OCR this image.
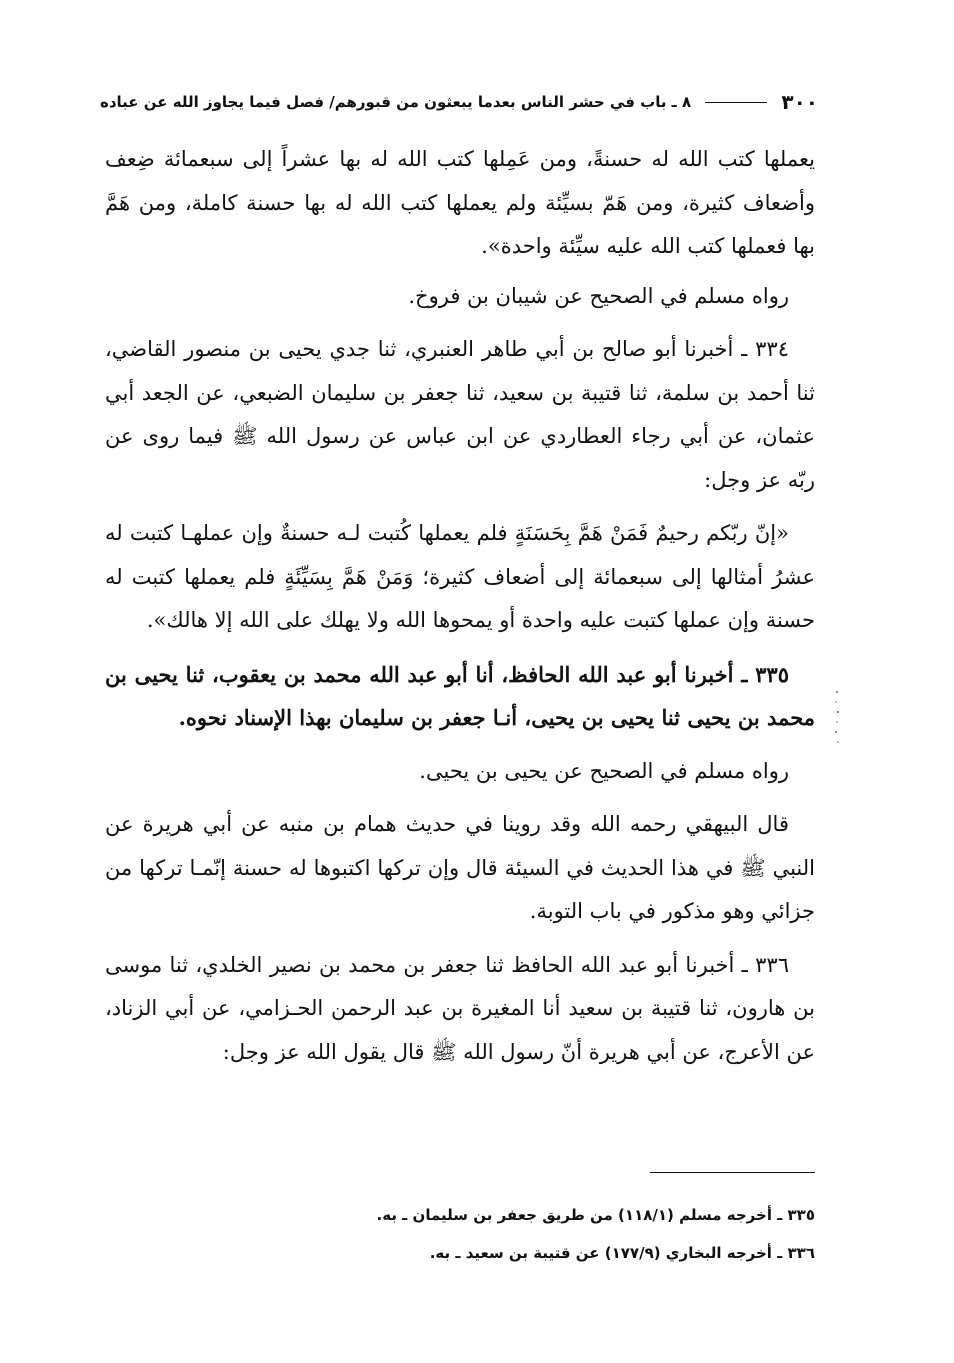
٣٠٠
٨ ـ باب في حشر الناس بعدما يبعثون من قبورهم/ فصل فيما يجاوز الله عن عباده

يعملها كتب الله له حسنةً، ومن عَمِلها كتب الله له بها عشراً إلى سبعمائة ضِعف وأضعاف كثيرة، ومن هَمّ بسيِّئة ولم يعملها كتب الله له بها حسنة كاملة، ومن هَمَّ بها فعملها كتب الله عليه سيِّئة واحدة».

رواه مسلم في الصحيح عن شيبان بن فروخ.

٣٣٤ ـ أخبرنا أبو صالح بن أبي طاهر العنبري، ثنا جدي يحيى بن منصور القاضي، ثنا أحمد بن سلمة، ثنا قتيبة بن سعيد، ثنا جعفر بن سليمان الضبعي، عن الجعد أبي عثمان، عن أبي رجاء العطاردي عن ابن عباس عن رسول الله ﷺ فيما روى عن ربّه عز وجل:

«إنّ ربّكم رحيمٌ فَمَنْ هَمَّ بِحَسَنَةٍ فلم يعملها كُتبت لـه حسنةٌ وإن عملهـا كتبت له عشرُ أمثالها إلى سبعمائة إلى أضعاف كثيرة؛ وَمَنْ هَمَّ بِسَيِّئَةٍ فلم يعملها كتبت له حسنة وإن عملها كتبت عليه واحدة أو يمحوها الله ولا يهلك على الله إلا هالك».

٣٣٥ ـ أخبرنا أبو عبد الله الحافظ، أنا أبو عبد الله محمد بن يعقوب، ثنا يحيى بن محمد بن يحيى ثنا يحيى بن يحيى، أنـا جعفر بن سليمان بهذا الإسناد نحوه.

رواه مسلم في الصحيح عن يحيى بن يحيى.

قال البيهقي رحمه الله وقد روينا في حديث همام بن منبه عن أبي هريرة عن النبي ﷺ في هذا الحديث في السيئة قال وإن تركها اكتبوها له حسنة إنّمـا تركها من جزائي وهو مذكور في باب التوبة.

٣٣٦ ـ أخبرنا أبو عبد الله الحافظ ثنا جعفر بن محمد بن نصير الخلدي، ثنا موسى بن هارون، ثنا قتيبة بن سعيد أنا المغيرة بن عبد الرحمن الحـزامي، عن أبي الزناد، عن الأعرج، عن أبي هريرة أنّ رسول الله ﷺ قال يقول الله عز وجل:

٣٣٥ ـ أخرجه مسلم (١١٨/١) من طريق جعفر بن سليمان ـ به.
٣٣٦ ـ أخرجه البخاري (١٧٧/٩) عن قتيبة بن سعيد ـ به.
